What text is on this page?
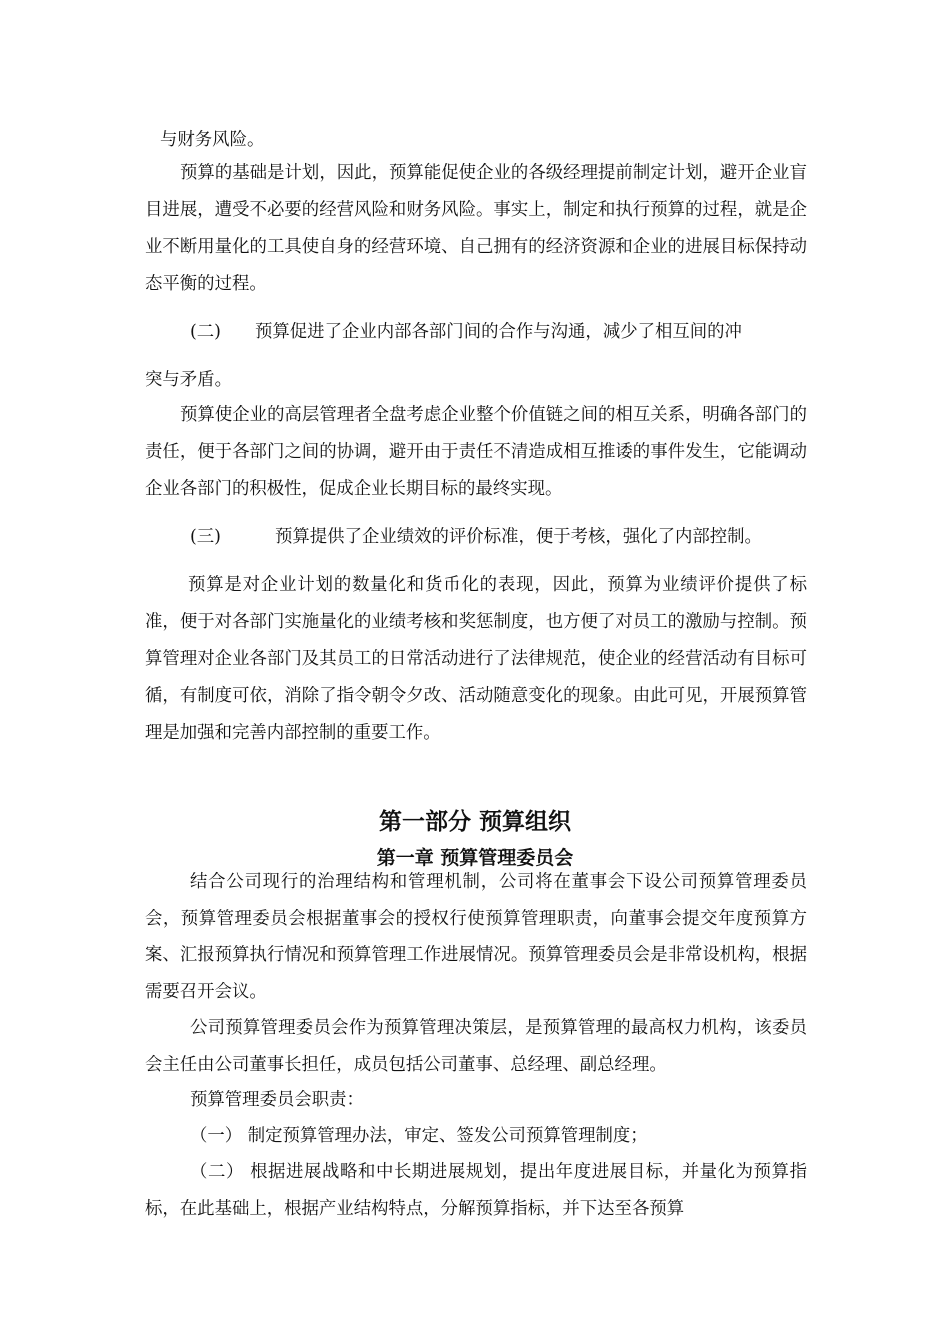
与财务风险。
预算的基础是计划，因此，预算能促使企业的各级经理提前制定计划，避开企业盲目进展，遭受不必要的经营风险和财务风险。事实上，制定和执行预算的过程，就是企业不断用量化的工具使自身的经营环境、自己拥有的经济资源和企业的进展目标保持动态平衡的过程。
(二) 预算促进了企业内部各部门间的合作与沟通，减少了相互间的冲
突与矛盾。
预算使企业的高层管理者全盘考虑企业整个价值链之间的相互关系，明确各部门的责任，便于各部门之间的协调，避开由于责任不清造成相互推诿的事件发生，它能调动企业各部门的积极性，促成企业长期目标的最终实现。
(三)	预算提供了企业绩效的评价标准，便于考核，强化了内部控制。
预算是对企业计划的数量化和货币化的表现，因此，预算为业绩评价提供了标准，便于对各部门实施量化的业绩考核和奖惩制度，也方便了对员工的激励与控制。预算管理对企业各部门及其员工的日常活动进行了法律规范，使企业的经营活动有目标可循，有制度可依，消除了指令朝令夕改、活动随意变化的现象。由此可见，开展预算管理是加强和完善内部控制的重要工作。
第一部分 预算组织
第一章 预算管理委员会
结合公司现行的治理结构和管理机制，公司将在董事会下设公司预算管理委员会，预算管理委员会根据董事会的授权行使预算管理职责，向董事会提交年度预算方案、汇报预算执行情况和预算管理工作进展情况。预算管理委员会是非常设机构，根据需要召开会议。
公司预算管理委员会作为预算管理决策层，是预算管理的最高权力机构，该委员会主任由公司董事长担任，成员包括公司董事、总经理、副总经理。
预算管理委员会职责：
（一） 制定预算管理办法，审定、签发公司预算管理制度；
（二） 根据进展战略和中长期进展规划，提出年度进展目标，并量化为预算指标，在此基础上，根据产业结构特点，分解预算指标，并下达至各预算
